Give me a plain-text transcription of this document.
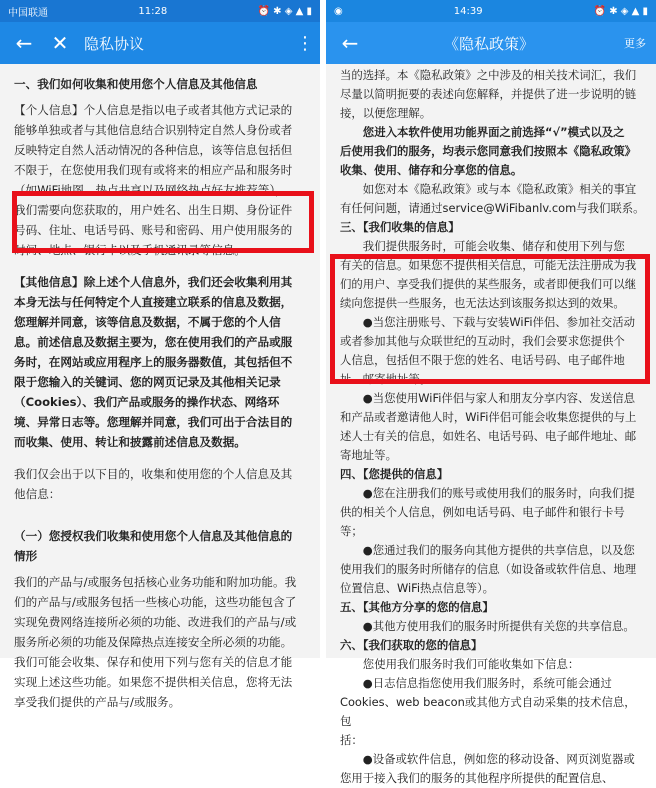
中国联通	11:28	⏰ ✱ ◈ ▲ ▮
← ✕	隐私协议	⋮

一、我们如何收集和使用您个人信息及其他信息

【个人信息】个人信息是指以电子或者其他方式记录的

能够单独或者与其他信息结合识别特定自然人身份或者

反映特定自然人活动情况的各种信息，该等信息包括但

不限于，在您使用我们现有或将来的相应产品和服务时

（如WiFi地图、热点共享以及网络热点好友推荐等），

我们需要向您获取的，用户姓名、出生日期、身份证件

号码、住址、电话号码、账号和密码、用户使用服务的

时间、地点、银行卡以及手机通讯录等信息。

【其他信息】除上述个人信息外，我们还会收集利用其

本身无法与任何特定个人直接建立联系的信息及数据，

您理解并同意，该等信息及数据，不属于您的个人信

息。前述信息及数据主要为，您在使用我们的产品或服

务时，在网站或应用程序上的服务器数值，其包括但不

限于您输入的关键词、您的网页记录及其他相关记录

（Cookies）、我们产品或服务的操作状态、网络环

境、异常日志等。您理解并同意，我们可出于合法目的

而收集、使用、转让和披露前述信息及数据。

我们仅会出于以下目的，收集和使用您的个人信息及其

他信息：

（一）您授权我们收集和使用您个人信息及其他信息的

情形

我们的产品与/或服务包括核心业务功能和附加功能。我

们的产品与/或服务包括一些核心功能，这些功能包含了

实现免费网络连接所必须的功能、改进我们的产品与/或

服务所必须的功能及保障热点连接安全所必须的功能。

我们可能会收集、保存和使用下列与您有关的信息才能

实现上述这些功能。如果您不提供相关信息，您将无法

享受我们提供的产品与/或服务。

◉	14:39	⏰ ✱ ◈ ▲ ▮
←	《隐私政策》	更多

当的选择。本《隐私政策》之中涉及的相关技术词汇，我们

尽量以简明扼要的表述向您解释，并提供了进一步说明的链

接，以便您理解。

您进入本软件使用功能界面之前选择“√”模式以及之

后使用我们的服务，均表示您同意我们按照本《隐私政策》

收集、使用、储存和分享您的信息。

如您对本《隐私政策》或与本《隐私政策》相关的事宜

有任何问题，请通过service@WiFibanlv.com与我们联系。

三、【我们收集的信息】

我们提供服务时，可能会收集、储存和使用下列与您

有关的信息。如果您不提供相关信息，可能无法注册成为我

们的用户、享受我们提供的某些服务，或者即便我们可以继

续向您提供一些服务，也无法达到该服务拟达到的效果。

●当您注册账号、下载与安装WiFi伴侣、参加社交活动

或者参加其他与众联世纪的互动时，我们会要求您提供个

人信息，包括但不限于您的姓名、电话号码、电子邮件地

址、邮寄地址等。

●当您使用WiFi伴侣与家人和朋友分享内容、发送信息

和产品或者邀请他人时，WiFi伴侣可能会收集您提供的与上

述人士有关的信息，如姓名、电话号码、电子邮件地址、邮

寄地址等。

四、【您提供的信息】

●您在注册我们的账号或使用我们的服务时，向我们提

供的相关个人信息，例如电话号码、电子邮件和银行卡号

等；

●您通过我们的服务向其他方提供的共享信息，以及您

使用我们的服务时所储存的信息（如设备或软件信息、地理

位置信息、WiFi热点信息等）。

五、【其他方分享的您的信息】

●其他方使用我们的服务时所提供有关您的共享信息。

六、【我们获取的您的信息】

您使用我们服务时我们可能收集如下信息：

●日志信息指您使用我们服务时，系统可能会通过

Cookies、web beacon或其他方式自动采集的技术信息，包

括：

●设备或软件信息，例如您的移动设备、网页浏览器或

您用于接入我们的服务的其他程序所提供的配置信息、
